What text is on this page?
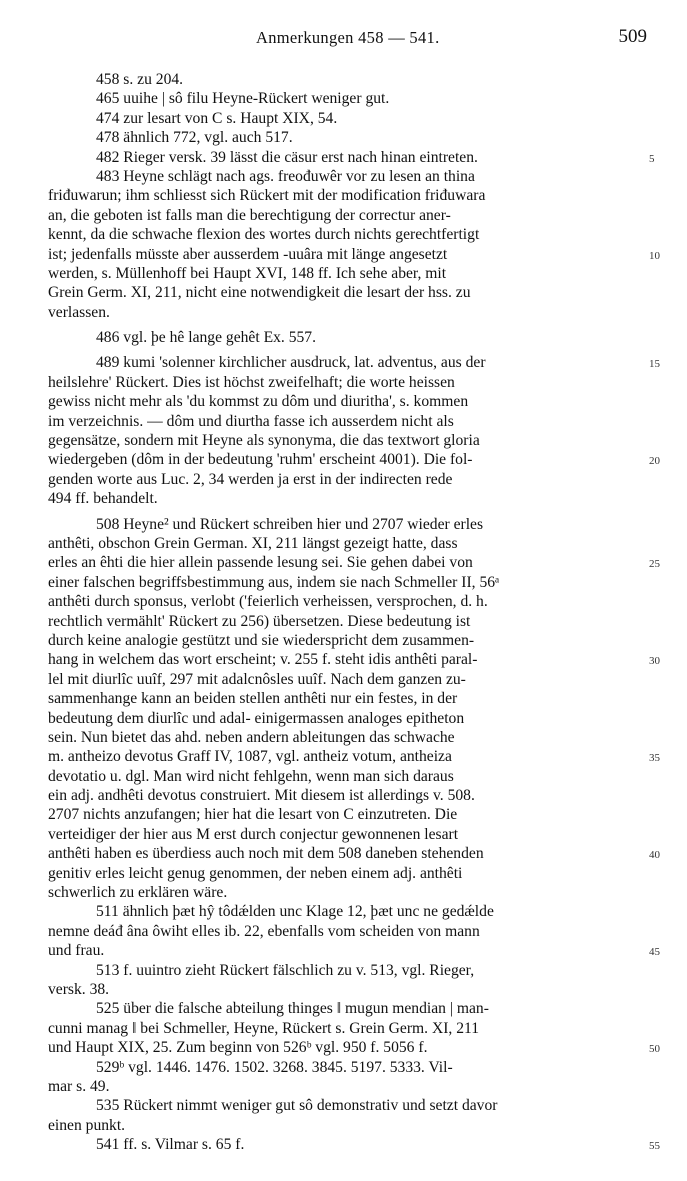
Anmerkungen 458 — 541.	509
458 s. zu 204.
465 uuihe | sô filu Heyne-Rückert weniger gut.
474 zur lesart von C s. Haupt XIX, 54.
478 ähnlich 772, vgl. auch 517.
482 Rieger versk. 39 lässt die cäsur erst nach hinan eintreten.	5
483 Heyne schlägt nach ags. freođuwêr vor zu lesen an thina
friđuwarun; ihm schliesst sich Rückert mit der modification friđuwara
an, die geboten ist falls man die berechtigung der correctur aner-
kennt, da die schwache flexion des wortes durch nichts gerechtfertigt
ist; jedenfalls müsste aber ausserdem -uuâra mit länge angesetzt	10
werden, s. Müllenhoff bei Haupt XVI, 148 ff. Ich sehe aber, mit
Grein Germ. XI, 211, nicht eine notwendigkeit die lesart der hss. zu
verlassen.
486 vgl. þe hê lange gehêt Ex. 557.
489 kumi 'solenner kirchlicher ausdruck, lat. adventus, aus der	15
heilslehre' Rückert. Dies ist höchst zweifelhaft; die worte heissen
gewiss nicht mehr als 'du kommst zu dôm und diuritha', s. kommen
im verzeichnis. — dôm und diurtha fasse ich ausserdem nicht als
gegensätze, sondern mit Heyne als synonyma, die das textwort gloria
wiedergeben (dôm in der bedeutung 'ruhm' erscheint 4001). Die fol-	20
genden worte aus Luc. 2, 34 werden ja erst in der indirecten rede
494 ff. behandelt.
508 Heyne² und Rückert schreiben hier und 2707 wieder erles
anthêti, obschon Grein German. XI, 211 längst gezeigt hatte, dass
erles an êhti die hier allein passende lesung sei. Sie gehen dabei von	25
einer falschen begriffsbestimmung aus, indem sie nach Schmeller II, 56ᵃ
anthêti durch sponsus, verlobt ('feierlich verheissen, versprochen, d. h.
rechtlich vermählt' Rückert zu 256) übersetzen. Diese bedeutung ist
durch keine analogie gestützt und sie wiederspricht dem zusammen-
hang in welchem das wort erscheint; v. 255 f. steht idis anthêti paral-	30
lel mit diurlîc uuîf, 297 mit adalcnôsles uuîf. Nach dem ganzen zu-
sammenhange kann an beiden stellen anthêti nur ein festes, in der
bedeutung dem diurlîc und adal- einigermassen analoges epitheton
sein. Nun bietet das ahd. neben andern ableitungen das schwache
m. antheizo devotus Graff IV, 1087, vgl. antheiz votum, antheiza	35
devotatio u. dgl. Man wird nicht fehlgehn, wenn man sich daraus
ein adj. andhêti devotus construiert. Mit diesem ist allerdings v. 508.
2707 nichts anzufangen; hier hat die lesart von C einzutreten. Die
verteidiger der hier aus M erst durch conjectur gewonnenen lesart
anthêti haben es überdiess auch noch mit dem 508 daneben stehenden	40
genitiv erles leicht genug genommen, der neben einem adj. anthêti
schwerlich zu erklären wäre.
511 ähnlich þæt hŷ tôdǽlden unc Klage 12, þæt unc ne gedǽlde
nemne deáđ âna ôwiht elles ib. 22, ebenfalls vom scheiden von mann
und frau.	45
513 f. uuintro zieht Rückert fälschlich zu v. 513, vgl. Rieger,
versk. 38.
525 über die falsche abteilung thinges ‖ mugun mendian | man-
cunni manag ‖ bei Schmeller, Heyne, Rückert s. Grein Germ. XI, 211
und Haupt XIX, 25. Zum beginn von 526ᵇ vgl. 950 f. 5056 f.	50
529ᵇ vgl. 1446. 1476. 1502. 3268. 3845. 5197. 5333. Vil-
mar s. 49.
535 Rückert nimmt weniger gut sô demonstrativ und setzt davor
einen punkt.
541 ff. s. Vilmar s. 65 f.	55
